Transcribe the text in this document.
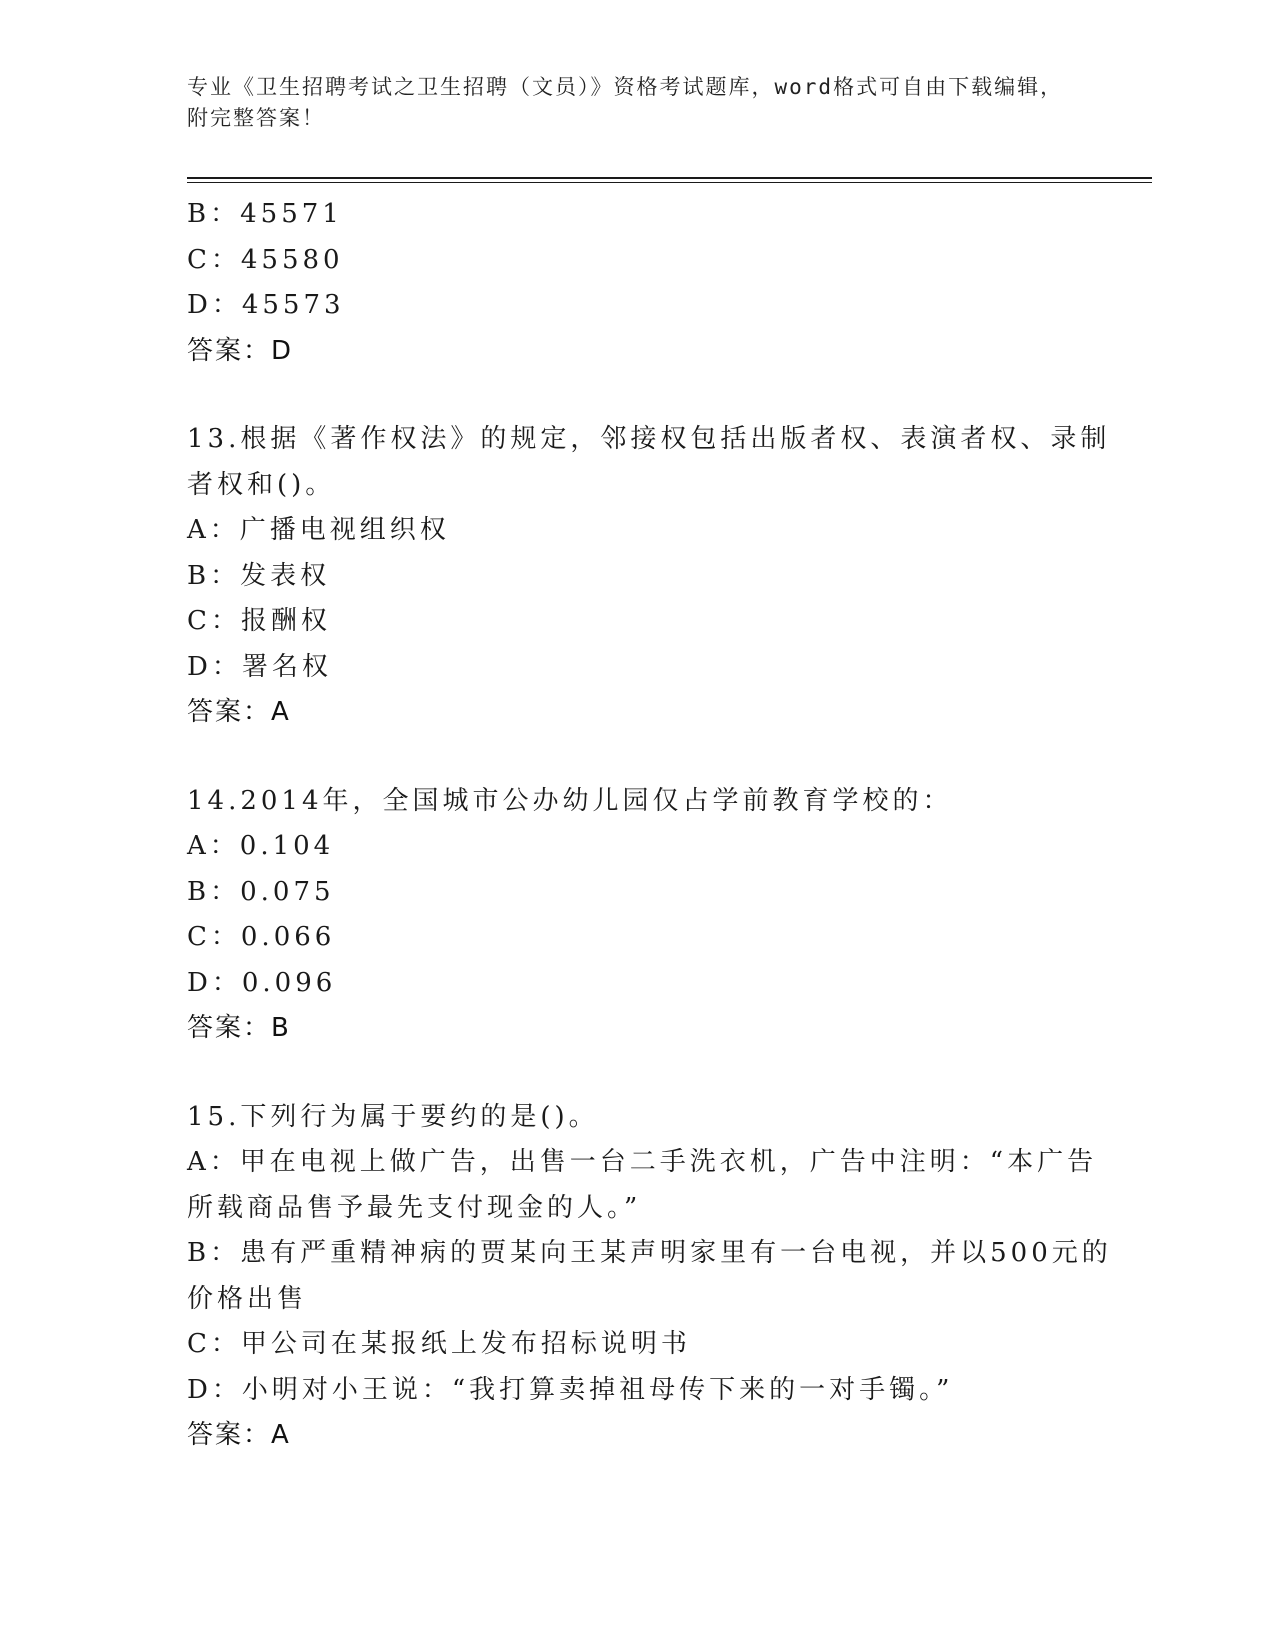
专业《卫生招聘考试之卫生招聘（文员）》资格考试题库，word格式可自由下载编辑，附完整答案！
B：45571
C：45580
D：45573
答案：D
13.根据《著作权法》的规定，邻接权包括出版者权、表演者权、录制
者权和()。
A：广播电视组织权
B：发表权
C：报酬权
D：署名权
答案：A
14.2014年，全国城市公办幼儿园仅占学前教育学校的：
A：0.104
B：0.075
C：0.066
D：0.096
答案：B
15.下列行为属于要约的是()。
A：甲在电视上做广告，出售一台二手洗衣机，广告中注明：“本广告
所载商品售予最先支付现金的人。”
B：患有严重精神病的贾某向王某声明家里有一台电视，并以500元的
价格出售
C：甲公司在某报纸上发布招标说明书
D：小明对小王说：“我打算卖掉祖母传下来的一对手镯。”
答案：A
